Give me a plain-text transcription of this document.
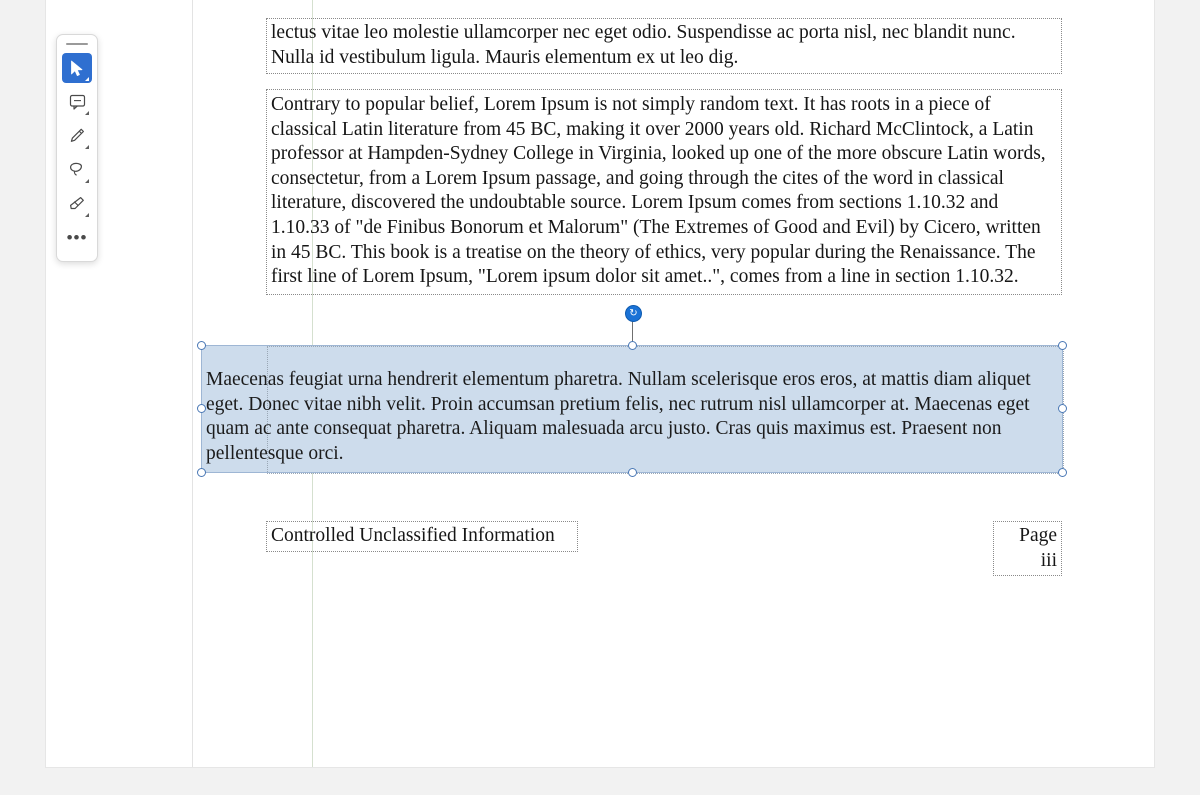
lectus vitae leo molestie ullamcorper nec eget odio. Suspendisse ac porta nisl, nec blandit nunc. Nulla id vestibulum ligula. Mauris elementum ex ut leo dig.
Contrary to popular belief, Lorem Ipsum is not simply random text. It has roots in a piece of classical Latin literature from 45 BC, making it over 2000 years old. Richard McClintock, a Latin professor at Hampden-Sydney College in Virginia, looked up one of the more obscure Latin words, consectetur, from a Lorem Ipsum passage, and going through the cites of the word in classical literature, discovered the undoubtable source. Lorem Ipsum comes from sections 1.10.32 and 1.10.33 of "de Finibus Bonorum et Malorum" (The Extremes of Good and Evil) by Cicero, written in 45 BC. This book is a treatise on the theory of ethics, very popular during the Renaissance. The first line of Lorem Ipsum, "Lorem ipsum dolor sit amet..", comes from a line in section 1.10.32.
↻
Maecenas feugiat urna hendrerit elementum pharetra. Nullam scelerisque eros eros, at mattis diam aliquet eget. Donec vitae nibh velit. Proin accumsan pretium felis, nec rutrum nisl ullamcorper at. Maecenas eget quam ac ante consequat pharetra. Aliquam malesuada arcu justo. Cras quis maximus est. Praesent non pellentesque orci.
Controlled Unclassified Information	Page iii
•••
